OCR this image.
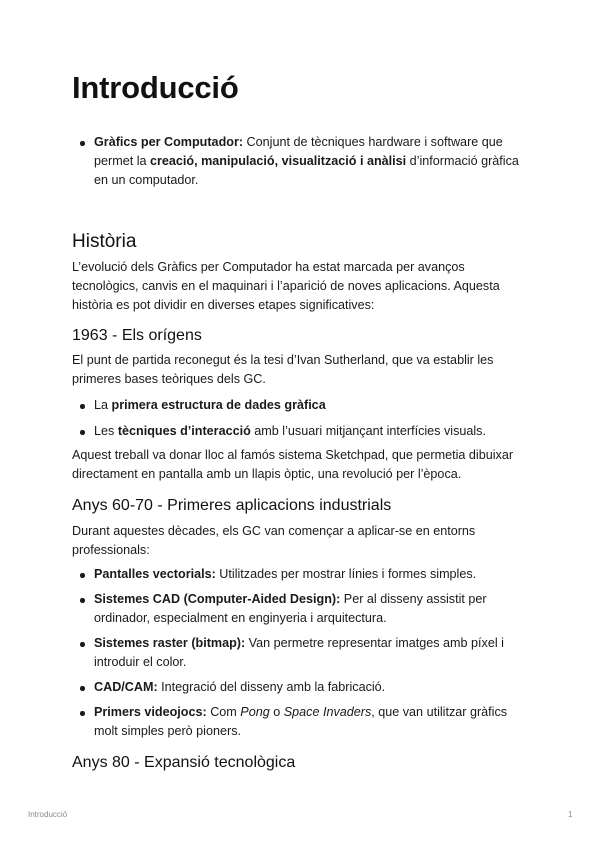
Introducció
Gràfics per Computador: Conjunt de tècniques hardware i software que permet la creació, manipulació, visualització i anàlisi d’informació gràfica en un computador.
Història
L’evolució dels Gràfics per Computador ha estat marcada per avanços tecnològics, canvis en el maquinari i l’aparició de noves aplicacions. Aquesta història es pot dividir en diverses etapes significatives:
1963 - Els orígens
El punt de partida reconegut és la tesi d’Ivan Sutherland, que va establir les primeres bases teòriques dels GC.
La primera estructura de dades gràfica
Les tècniques d’interacció amb l’usuari mitjançant interfícies visuals.
Aquest treball va donar lloc al famós sistema Sketchpad, que permetia dibuixar directament en pantalla amb un llapis òptic, una revolució per l’època.
Anys 60-70 - Primeres aplicacions industrials
Durant aquestes dècades, els GC van començar a aplicar-se en entorns professionals:
Pantalles vectorials: Utilitzades per mostrar línies i formes simples.
Sistemes CAD (Computer-Aided Design): Per al disseny assistit per ordinador, especialment en enginyeria i arquitectura.
Sistemes raster (bitmap): Van permetre representar imatges amb píxel i introduir el color.
CAD/CAM: Integració del disseny amb la fabricació.
Primers videojocs: Com Pong o Space Invaders, que van utilitzar gràfics molt simples però pioners.
Anys 80 - Expansió tecnològica
Introducció	1
